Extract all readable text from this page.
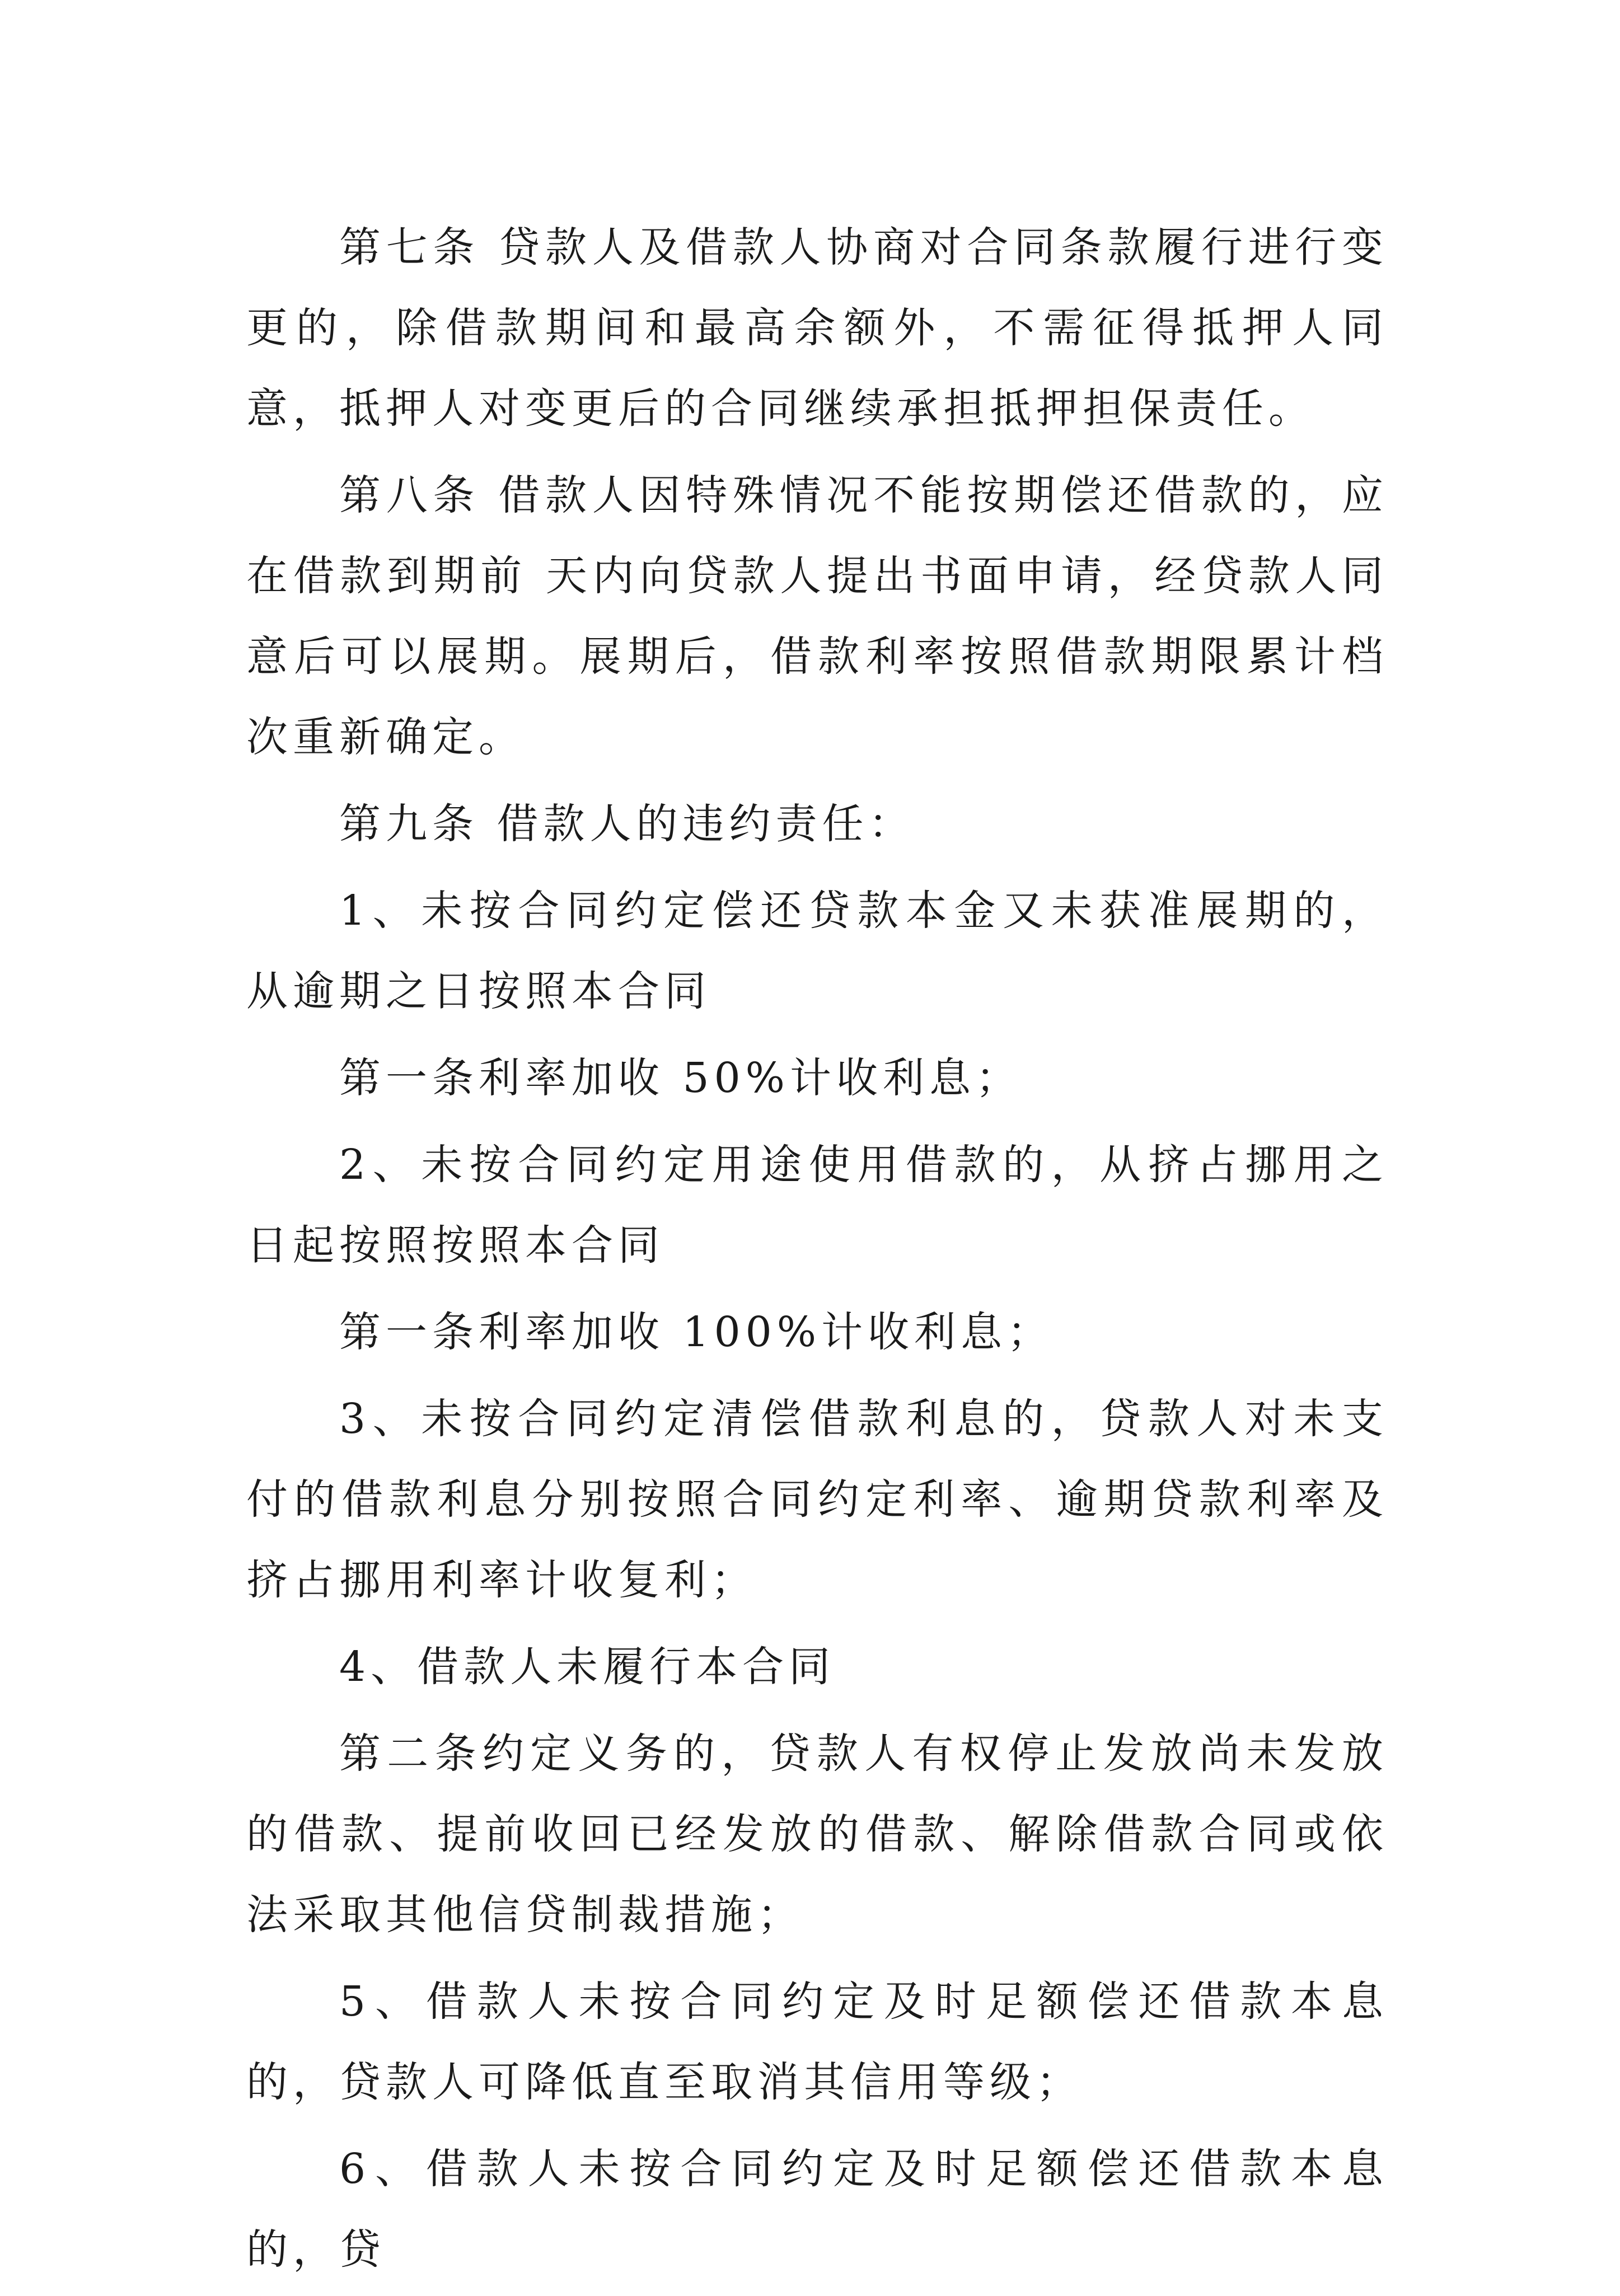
第七条 贷款人及借款人协商对合同条款履行进行变更的，除借款期间和最高余额外，不需征得抵押人同意，抵押人对变更后的合同继续承担抵押担保责任。

第八条 借款人因特殊情况不能按期偿还借款的，应在借款到期前 天内向贷款人提出书面申请，经贷款人同意后可以展期。展期后，借款利率按照借款期限累计档次重新确定。

第九条 借款人的违约责任：

1、未按合同约定偿还贷款本金又未获准展期的，从逾期之日按照本合同

第一条利率加收 50%计收利息；

2、未按合同约定用途使用借款的，从挤占挪用之日起按照按照本合同

第一条利率加收 100%计收利息；

3、未按合同约定清偿借款利息的，贷款人对未支付的借款利息分别按照合同约定利率、逾期贷款利率及挤占挪用利率计收复利；

4、借款人未履行本合同

第二条约定义务的，贷款人有权停止发放尚未发放的借款、提前收回已经发放的借款、解除借款合同或依法采取其他信贷制裁措施；

5、借款人未按合同约定及时足额偿还借款本息的，贷款人可降低直至取消其信用等级；

6、借款人未按合同约定及时足额偿还借款本息的，贷
